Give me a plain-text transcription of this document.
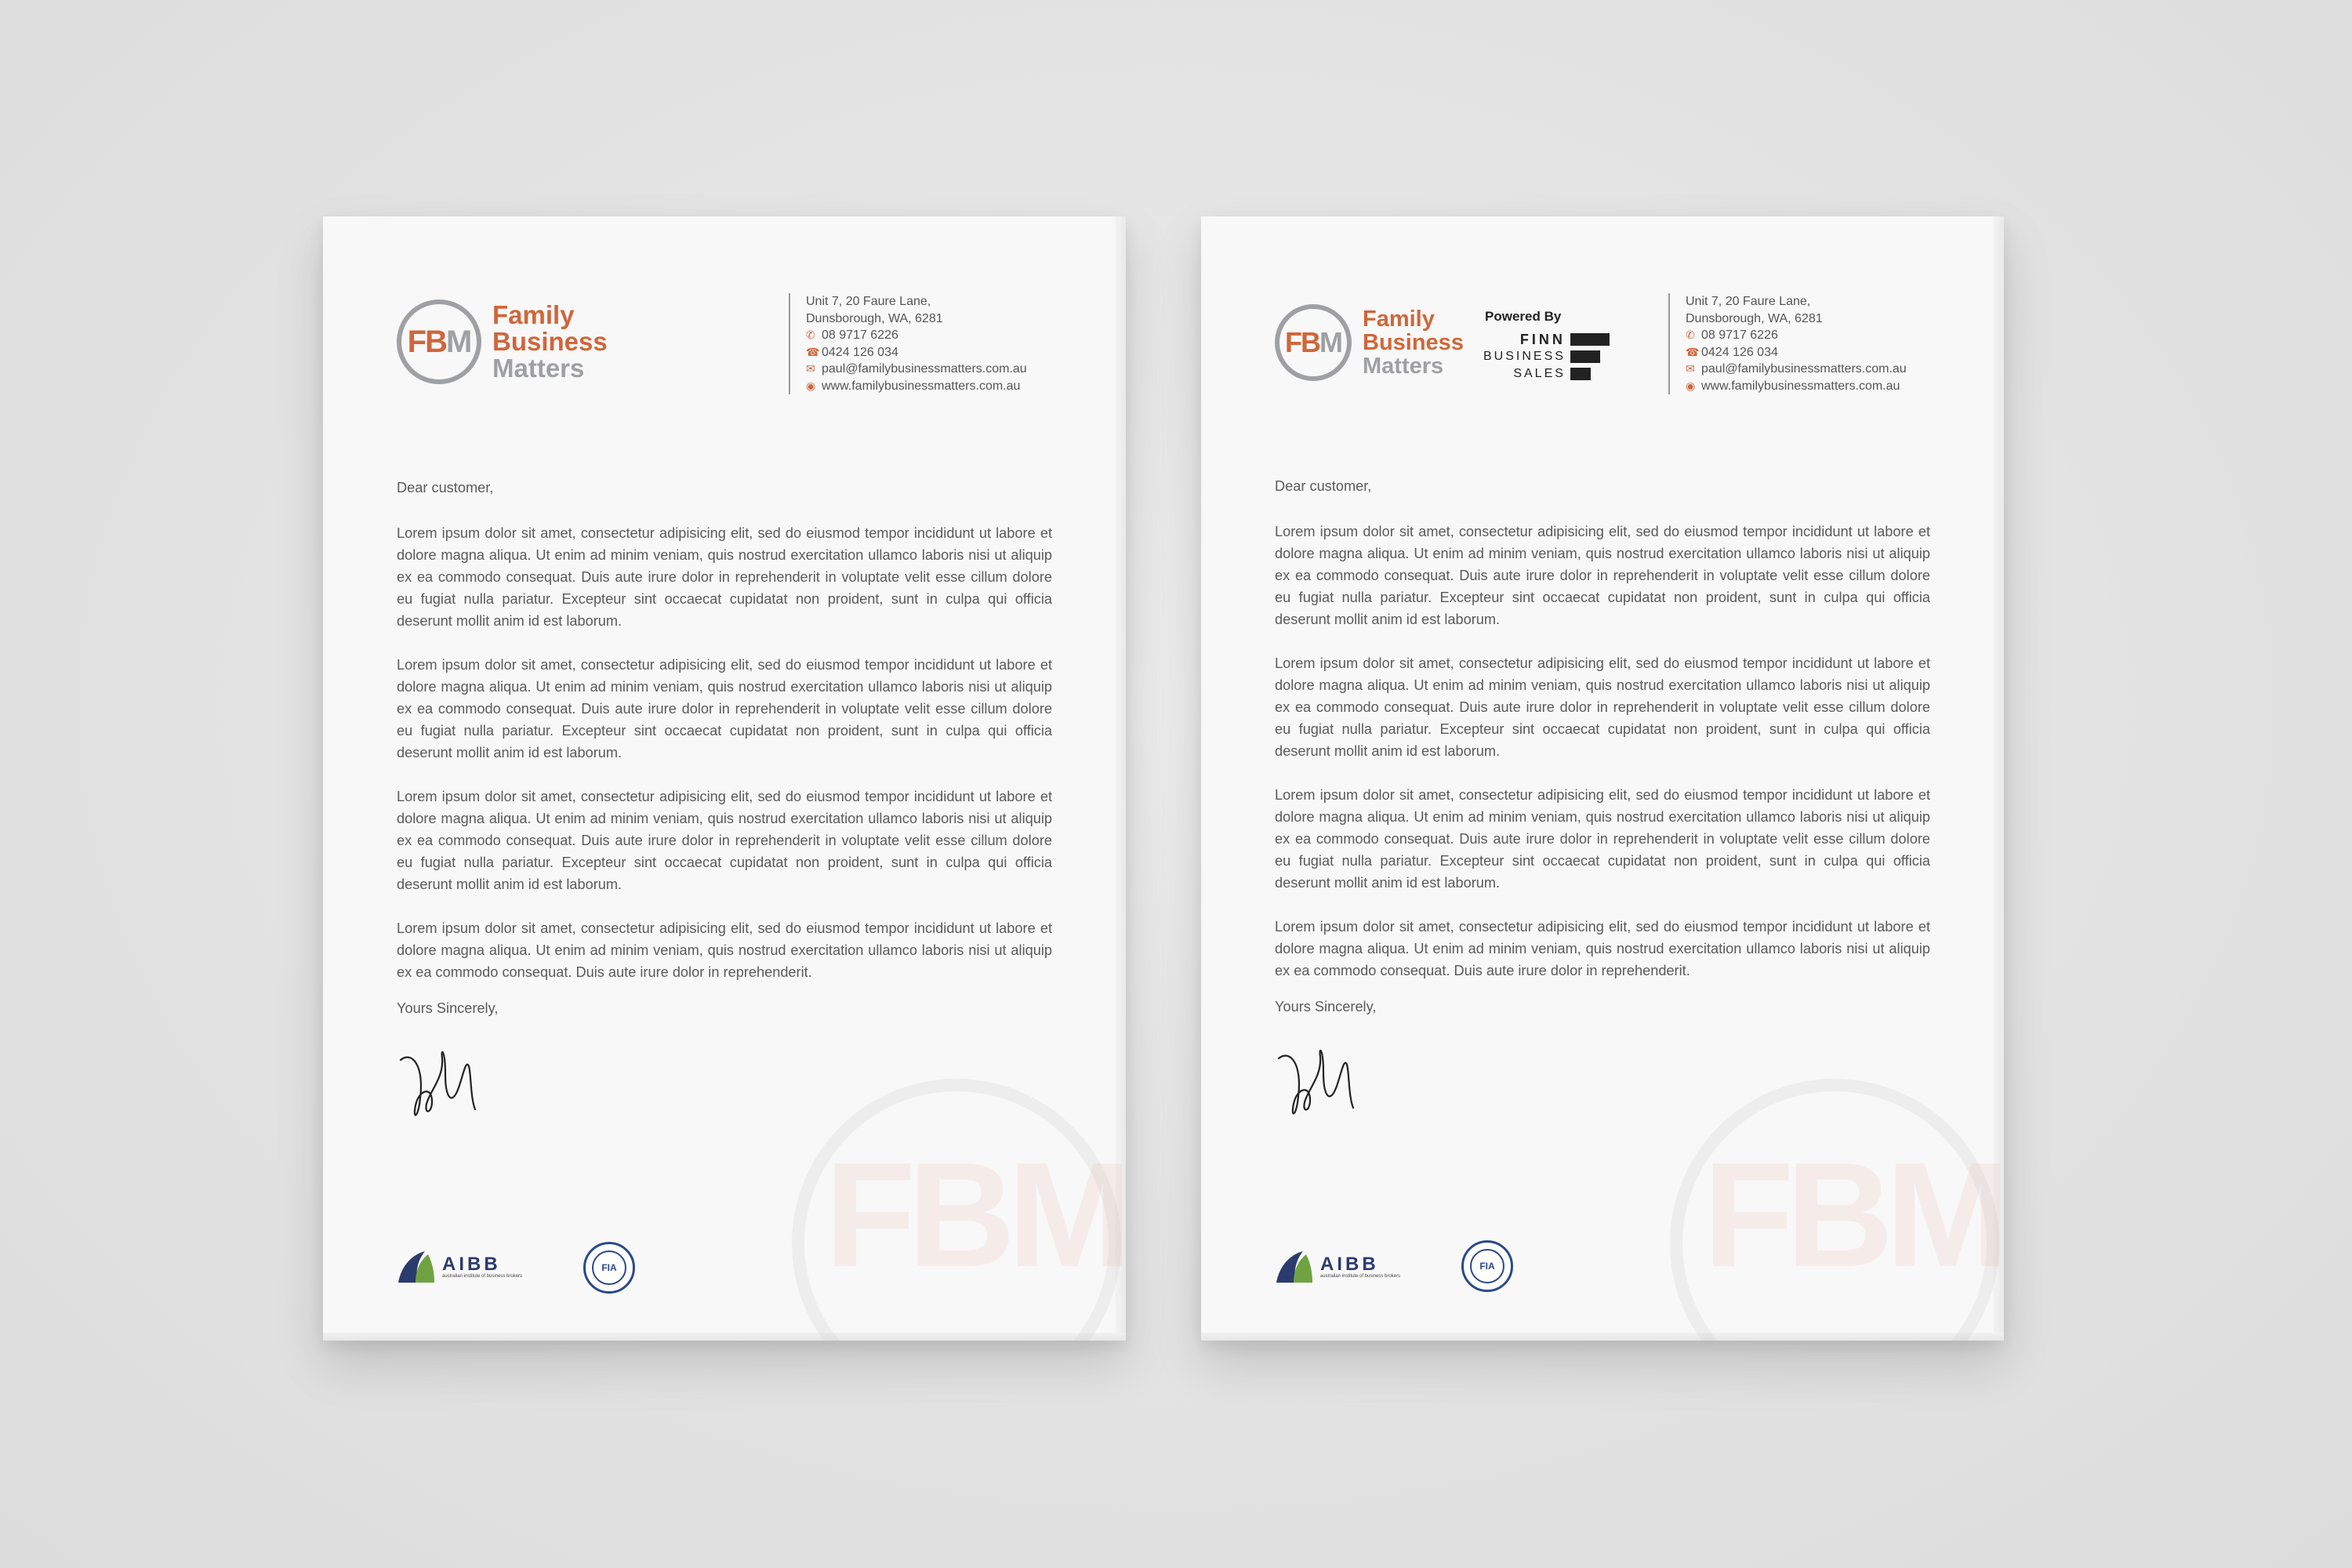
FBM
FB M
Family
Business
Matters
Unit 7, 20 Faure Lane,
Dunsborough, WA, 6281
✆ 08 9717 6226
☎ 0424 126 034
✉ paul@familybusinessmatters.com.au
◉ www.familybusinessmatters.com.au
Dear customer,

Lorem ipsum dolor sit amet, consectetur adipisicing elit, sed do eiusmod tempor incididunt ut labore et dolore magna aliqua. Ut enim ad minim veniam, quis nostrud exercitation ullamco laboris nisi ut aliquip ex ea commodo consequat. Duis aute irure dolor in reprehenderit in voluptate velit esse cillum dolore eu fugiat nulla pariatur. Excepteur sint occaecat cupidatat non proident, sunt in culpa qui officia deserunt mollit anim id est laborum.

Lorem ipsum dolor sit amet, consectetur adipisicing elit, sed do eiusmod tempor incididunt ut labore et dolore magna aliqua. Ut enim ad minim veniam, quis nostrud exercitation ullamco laboris nisi ut aliquip ex ea commodo consequat. Duis aute irure dolor in reprehenderit in voluptate velit esse cillum dolore eu fugiat nulla pariatur. Excepteur sint occaecat cupidatat non proident, sunt in culpa qui officia deserunt mollit anim id est laborum.

Lorem ipsum dolor sit amet, consectetur adipisicing elit, sed do eiusmod tempor incididunt ut labore et dolore magna aliqua. Ut enim ad minim veniam, quis nostrud exercitation ullamco laboris nisi ut aliquip ex ea commodo consequat. Duis aute irure dolor in reprehenderit in voluptate velit esse cillum dolore eu fugiat nulla pariatur. Excepteur sint occaecat cupidatat non proident, sunt in culpa qui officia deserunt mollit anim id est laborum.

Lorem ipsum dolor sit amet, consectetur adipisicing elit, sed do eiusmod tempor incididunt ut labore et dolore magna aliqua. Ut enim ad minim veniam, quis nostrud exercitation ullamco laboris nisi ut aliquip ex ea commodo consequat. Duis aute irure dolor in reprehenderit.

Yours Sincerely,
AIBB
australian institute of business brokers
FIA	FBM
FB M
Family
Business
Matters
Powered By
FINN
BUSINESS
SALES
Unit 7, 20 Faure Lane,
Dunsborough, WA, 6281
✆ 08 9717 6226
☎ 0424 126 034
✉ paul@familybusinessmatters.com.au
◉ www.familybusinessmatters.com.au
Dear customer,

Lorem ipsum dolor sit amet, consectetur adipisicing elit, sed do eiusmod tempor incididunt ut labore et dolore magna aliqua. Ut enim ad minim veniam, quis nostrud exercitation ullamco laboris nisi ut aliquip ex ea commodo consequat. Duis aute irure dolor in reprehenderit in voluptate velit esse cillum dolore eu fugiat nulla pariatur. Excepteur sint occaecat cupidatat non proident, sunt in culpa qui officia deserunt mollit anim id est laborum.

Lorem ipsum dolor sit amet, consectetur adipisicing elit, sed do eiusmod tempor incididunt ut labore et dolore magna aliqua. Ut enim ad minim veniam, quis nostrud exercitation ullamco laboris nisi ut aliquip ex ea commodo consequat. Duis aute irure dolor in reprehenderit in voluptate velit esse cillum dolore eu fugiat nulla pariatur. Excepteur sint occaecat cupidatat non proident, sunt in culpa qui officia deserunt mollit anim id est laborum.

Lorem ipsum dolor sit amet, consectetur adipisicing elit, sed do eiusmod tempor incididunt ut labore et dolore magna aliqua. Ut enim ad minim veniam, quis nostrud exercitation ullamco laboris nisi ut aliquip ex ea commodo consequat. Duis aute irure dolor in reprehenderit in voluptate velit esse cillum dolore eu fugiat nulla pariatur. Excepteur sint occaecat cupidatat non proident, sunt in culpa qui officia deserunt mollit anim id est laborum.

Lorem ipsum dolor sit amet, consectetur adipisicing elit, sed do eiusmod tempor incididunt ut labore et dolore magna aliqua. Ut enim ad minim veniam, quis nostrud exercitation ullamco laboris nisi ut aliquip ex ea commodo consequat. Duis aute irure dolor in reprehenderit.

Yours Sincerely,
AIBB
australian institute of business brokers
FIA
